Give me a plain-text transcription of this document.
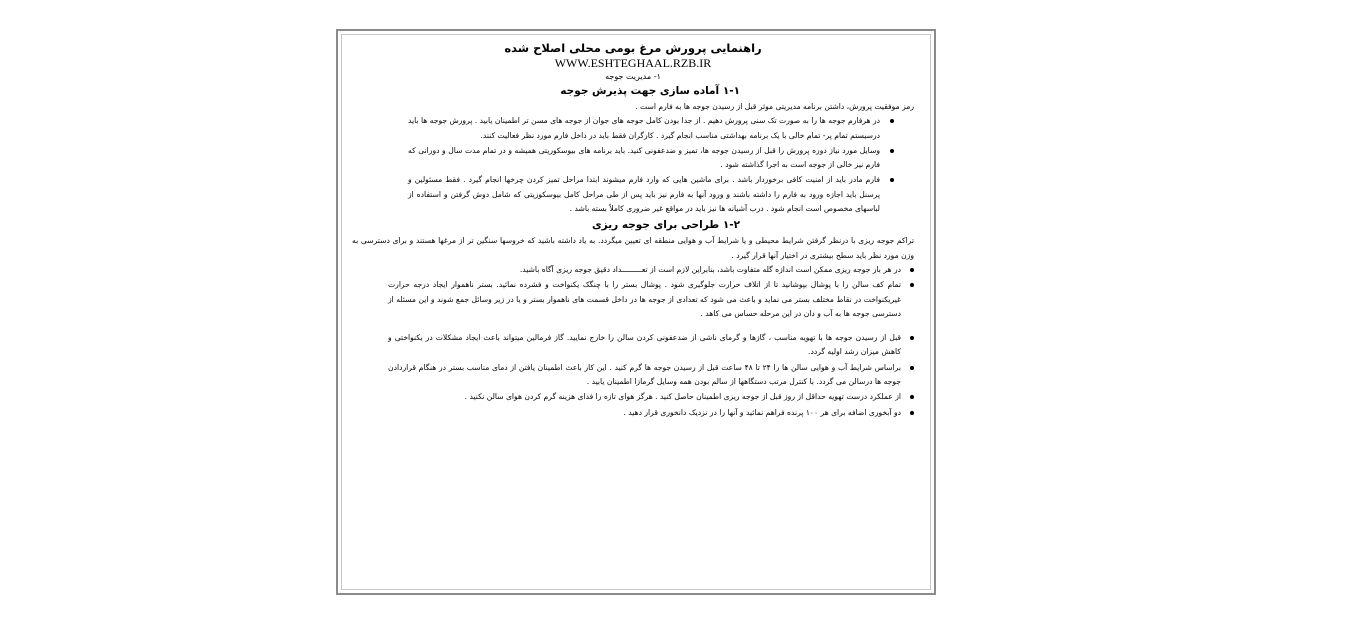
راهنمایی پرورش مرغ بومی محلی اصلاح شده
WWW.ESHTEGHAAL.RZB.IR
۱- مدیریت جوجه
۱-۱ آماده سازی جهت پذیرش جوجه
رمز موفقیت پرورش، داشتن برنامه مدیریتی موثر قبل از رسیدن جوجه ها به فارم است .
در هرفارم جوجه ها را به صورت تک سنی پرورش دهیم . از جدا بودن کامل جوجه های جوان از جوجه های مسن تر اطمینان یابید . پرورش جوجه ها باید درسیستم تمام پر- تمام خالی با یک برنامه بهداشتی مناسب انجام گیرد . کارگران فقط باید در داخل فارم مورد نظر فعالیت کنند.
وسایل مورد نیاز دوره پرورش را قبل از رسیدن جوجه ها، تمیز و ضدعفونی کنید. باید برنامه های بیوسکوریتی همیشه و در تمام مدت سال و دورانی که فارم نیز خالی از جوجه است به اجرا گذاشته شود .
فارم مادر باید از امنیت کافی برخوردار باشد . برای ماشین هایی که وارد فارم میشوند ابتدا مراحل تمیز کردن چرخها انجام گیرد . فقط مسئولین و پرسنل باید اجازه ورود به فارم را داشته باشند و ورود آنها به فارم نیز باید پس از طی مراحل کامل بیوسکوریتی که شامل دوش گرفتن و استفاده از لباسهای مخصوص است انجام شود . درب آشیانه ها نیز باید در مواقع غیر ضروری کاملاً بسته باشد .
۱-۲ طراحی برای جوجه ریزی
تراکم جوجه ریزی با درنظر گرفتن شرایط محیطی و یا شرایط آب و هوایی منطقه ای تعیین میگردد. به یاد داشته باشید که خروسها سنگین تر از مرغها هستند و برای دسترسی به وزن مورد نظر باید سطح بیشتری در اختیار آنها قرار گیرد .
در هر بار جوجه ریزی ممکن است اندازه گله متفاوت باشد، بنابراین لازم است از تعـــــــــداد دقیق جوجه ریزی آگاه باشید.
تمام کف سالن را با پوشال بپوشانید تا از اتلاف حرارت جلوگیری شود . پوشال بستر را با چنگک یکنواخت و فشرده نمائید. بستر ناهموار ایجاد درجه حرارت غیریکنواخت در نقاط مختلف بستر می نماید و باعث می شود که تعدادی از جوجه ها در داخل قسمت های ناهموار بستر و یا در زیر وسائل جمع شوند و این مسئله از دسترسی جوجه ها به آب و دان در این مرحله حساس می کاهد .
قبل از رسیدن جوجه ها با تهویه مناسب ، گازها و گرمای ناشی از ضدعفونی کردن سالن را خارج نمایید. گاز فرمالین میتواند باعث ایجاد مشکلات در یکنواختی و کاهش میزان رشد اولیه گردد.
براساس شرایط آب و هوایی سالن ها را ۲۴ تا ۴۸ ساعت قبل از رسیدن جوجه ها گرم کنید . این کار باعث اطمینان یافتن از دمای مناسب بستر در هنگام قراردادن جوجه ها درسالن می گردد. با کنترل مرتب دستگاهها از سالم بودن همه وسایل گرمازا اطمینان یابید .
از عملکرد درست تهویه حداقل از روز قبل از جوجه ریزی اطمینان حاصل کنید . هرگز هوای تازه را فدای هزینه گرم کردن هوای سالن نکنید .
دو آبخوری اضافه برای هر ۱۰۰ پرنده فراهم نمائید و آنها را در نزدیک دانخوری قرار دهید .
